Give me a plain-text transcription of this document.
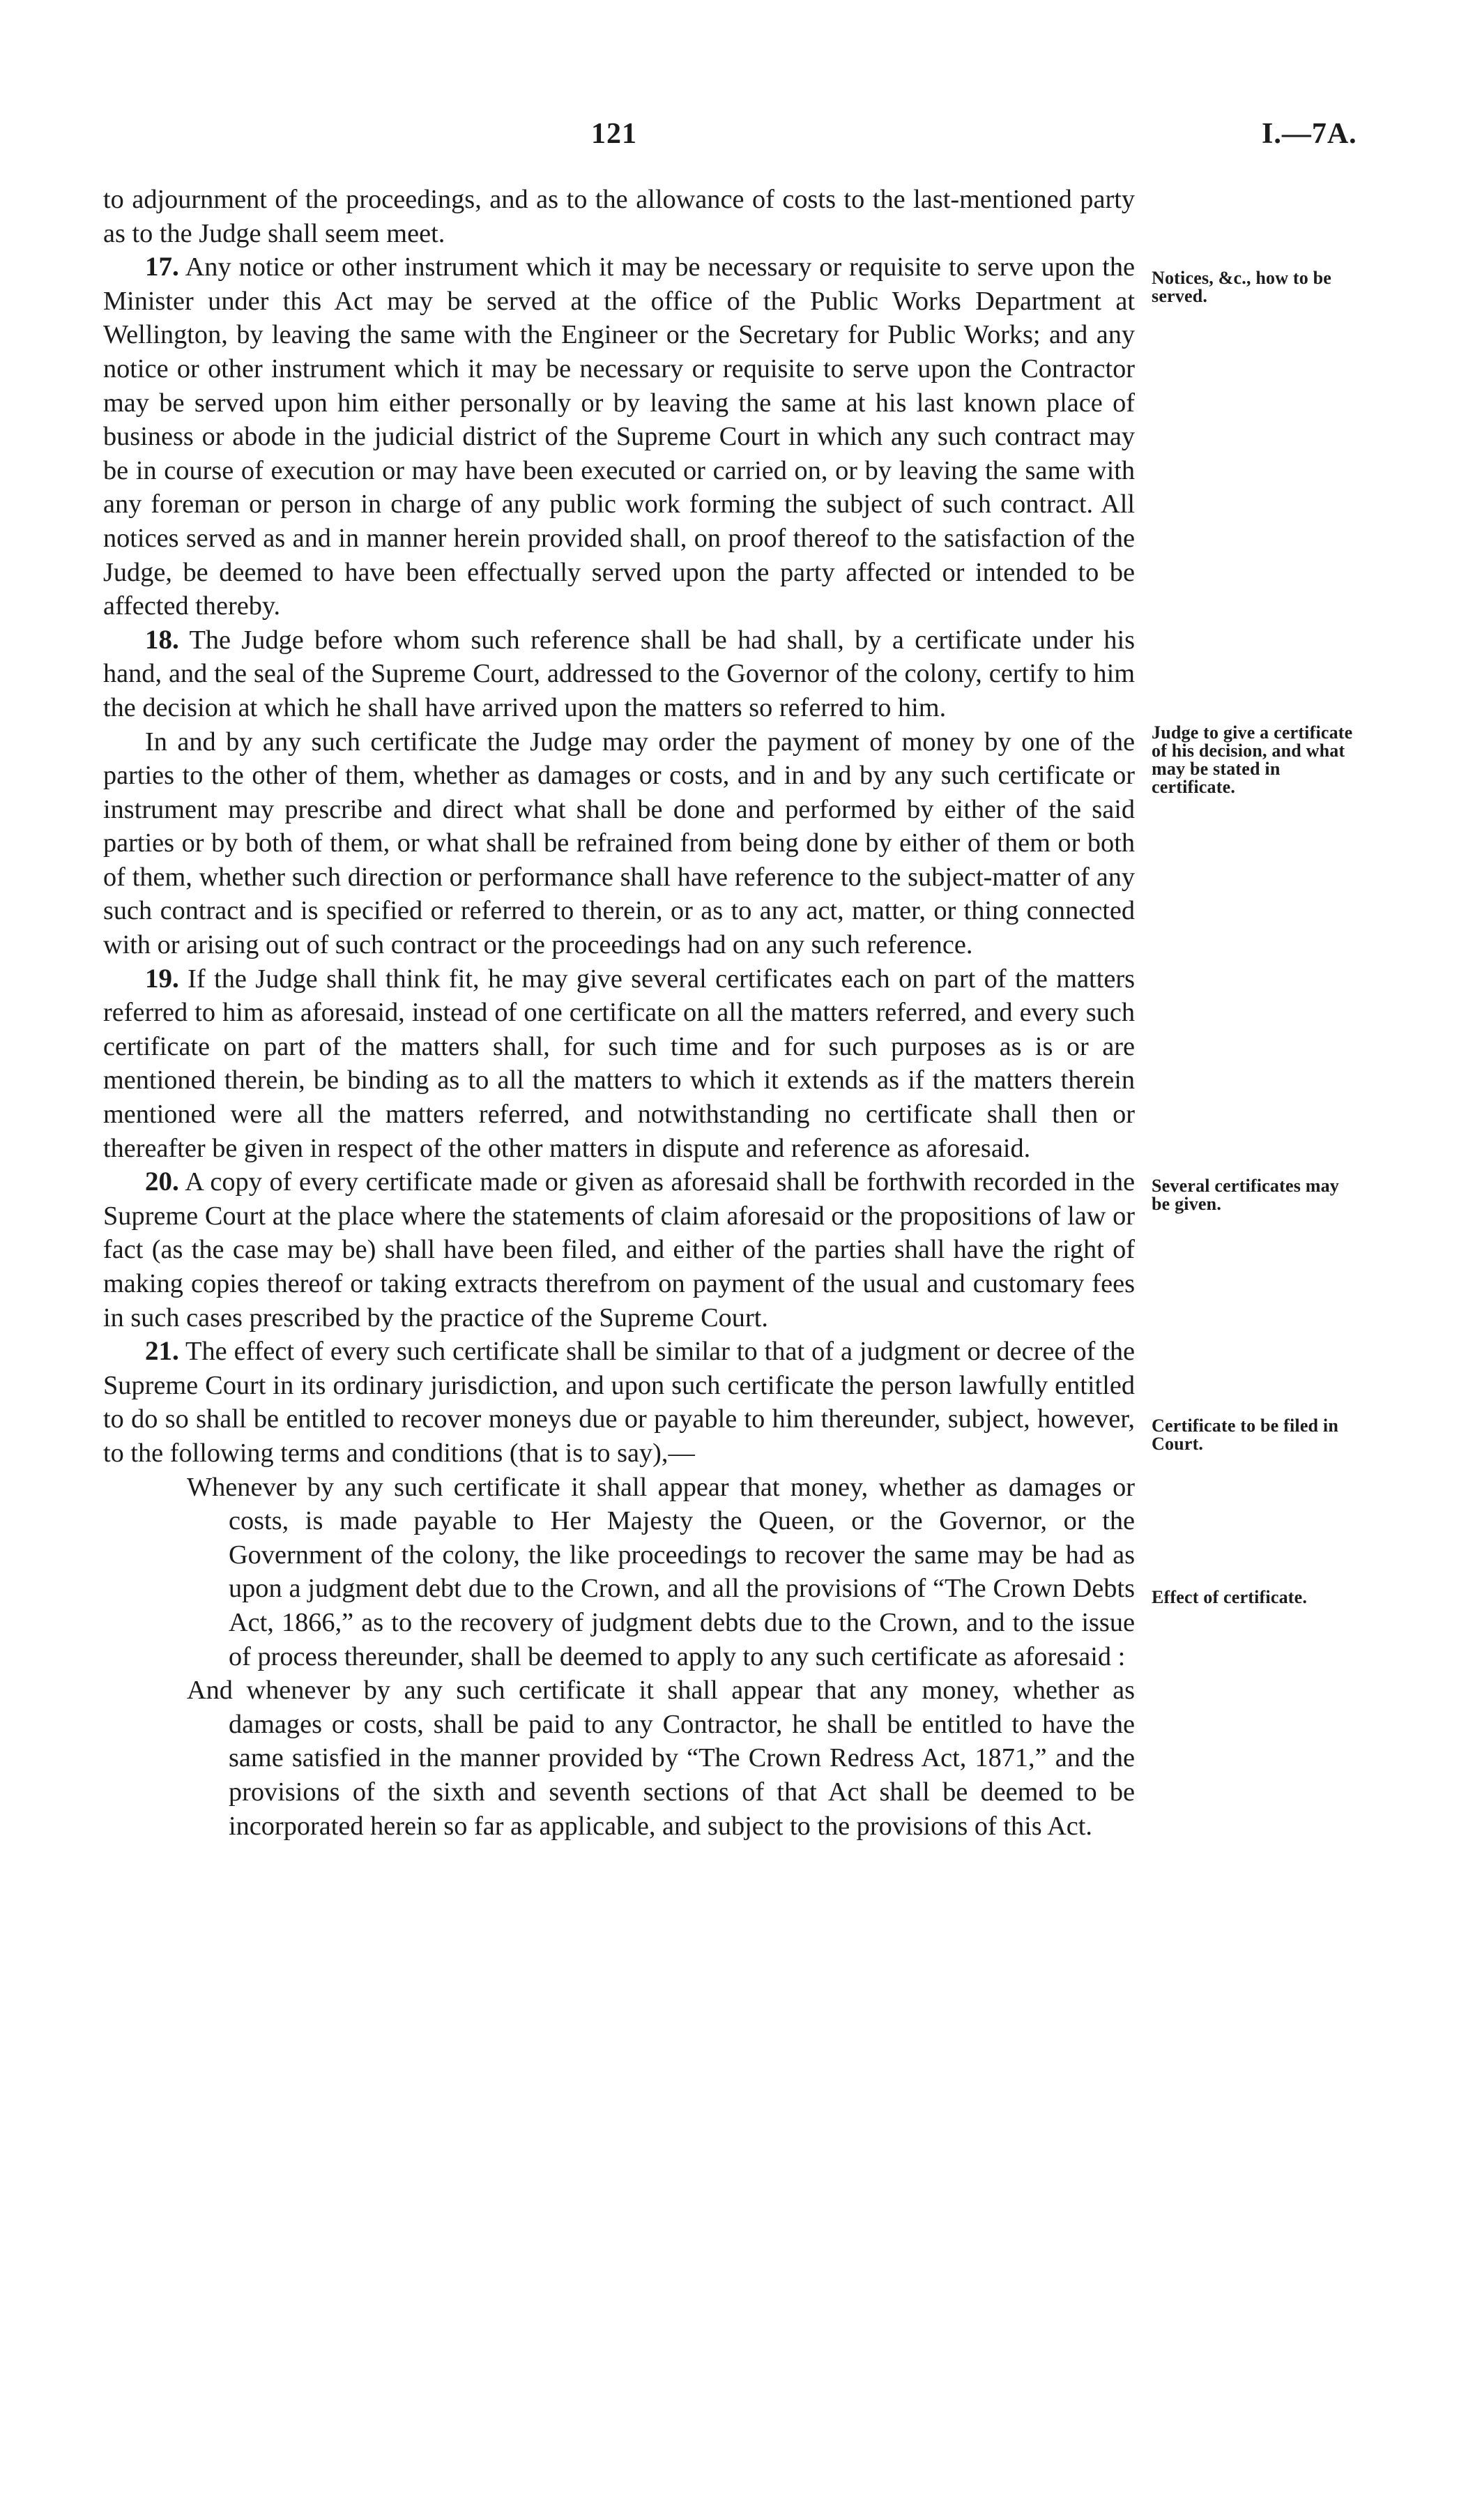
121	I.—7A.

to adjournment of the proceedings, and as to the allowance of costs to the last-mentioned party as to the Judge shall seem meet.

17. Any notice or other instrument which it may be necessary or requisite to serve upon the Minister under this Act may be served at the office of the Public Works Department at Wellington, by leaving the same with the Engineer or the Secretary for Public Works; and any notice or other instrument which it may be necessary or requisite to serve upon the Contractor may be served upon him either personally or by leaving the same at his last known place of business or abode in the judicial district of the Supreme Court in which any such contract may be in course of execution or may have been executed or carried on, or by leaving the same with any foreman or person in charge of any public work forming the subject of such contract. All notices served as and in manner herein provided shall, on proof thereof to the satisfaction of the Judge, be deemed to have been effectually served upon the party affected or intended to be affected thereby.

18. The Judge before whom such reference shall be had shall, by a certificate under his hand, and the seal of the Supreme Court, addressed to the Governor of the colony, certify to him the decision at which he shall have arrived upon the matters so referred to him.

In and by any such certificate the Judge may order the payment of money by one of the parties to the other of them, whether as damages or costs, and in and by any such certificate or instrument may prescribe and direct what shall be done and performed by either of the said parties or by both of them, or what shall be refrained from being done by either of them or both of them, whether such direction or performance shall have reference to the subject-matter of any such contract and is specified or referred to therein, or as to any act, matter, or thing connected with or arising out of such contract or the proceedings had on any such reference.

19. If the Judge shall think fit, he may give several certificates each on part of the matters referred to him as aforesaid, instead of one certificate on all the matters referred, and every such certificate on part of the matters shall, for such time and for such purposes as is or are mentioned therein, be binding as to all the matters to which it extends as if the matters therein mentioned were all the matters referred, and notwithstanding no certificate shall then or thereafter be given in respect of the other matters in dispute and reference as aforesaid.

20. A copy of every certificate made or given as aforesaid shall be forthwith recorded in the Supreme Court at the place where the statements of claim aforesaid or the propositions of law or fact (as the case may be) shall have been filed, and either of the parties shall have the right of making copies thereof or taking extracts therefrom on payment of the usual and customary fees in such cases prescribed by the practice of the Supreme Court.

21. The effect of every such certificate shall be similar to that of a judgment or decree of the Supreme Court in its ordinary jurisdiction, and upon such certificate the person lawfully entitled to do so shall be entitled to recover moneys due or payable to him thereunder, subject, however, to the following terms and conditions (that is to say),—

Whenever by any such certificate it shall appear that money, whether as damages or costs, is made payable to Her Majesty the Queen, or the Governor, or the Government of the colony, the like proceedings to recover the same may be had as upon a judgment debt due to the Crown, and all the provisions of “The Crown Debts Act, 1866,” as to the recovery of judgment debts due to the Crown, and to the issue of process thereunder, shall be deemed to apply to any such certificate as aforesaid :

And whenever by any such certificate it shall appear that any money, whether as damages or costs, shall be paid to any Contractor, he shall be entitled to have the same satisfied in the manner provided by “The Crown Redress Act, 1871,” and the provisions of the sixth and seventh sections of that Act shall be deemed to be incorporated herein so far as applicable, and subject to the provisions of this Act.

Notices, &c., how to be served.
Judge to give a certificate of his decision, and what may be stated in certificate.
Several certificates may be given.
Certificate to be filed in Court.
Effect of certificate.
